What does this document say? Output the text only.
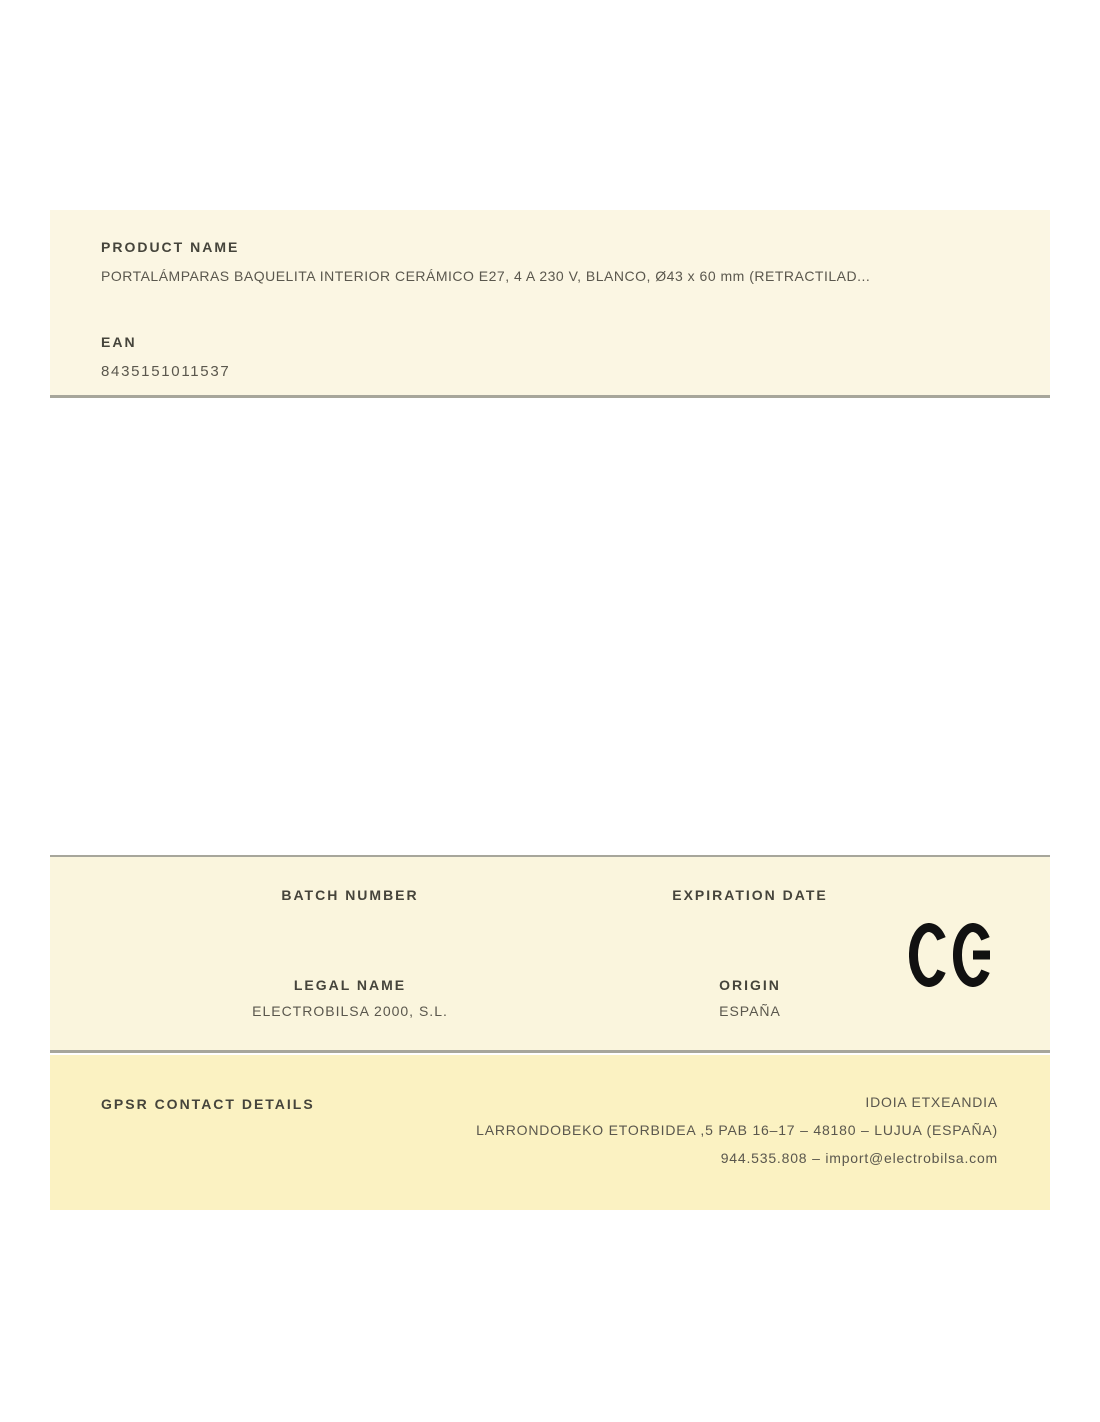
PRODUCT NAME
PORTALÁMPARAS BAQUELITA INTERIOR CERÁMICO E27, 4 A 230 V, BLANCO, Ø43 x 60 mm (RETRACTILAD...
EAN
8435151011537
BATCH NUMBER	EXPIRATION DATE
LEGAL NAME
ELECTROBILSA 2000, S.L.
ORIGIN
ESPAÑA
GPSR CONTACT DETAILS	IDOIA ETXEANDIA
LARRONDOBEKO ETORBIDEA ,5 PAB 16–17 – 48180 – LUJUA (ESPAÑA)
944.535.808 – import@electrobilsa.com
